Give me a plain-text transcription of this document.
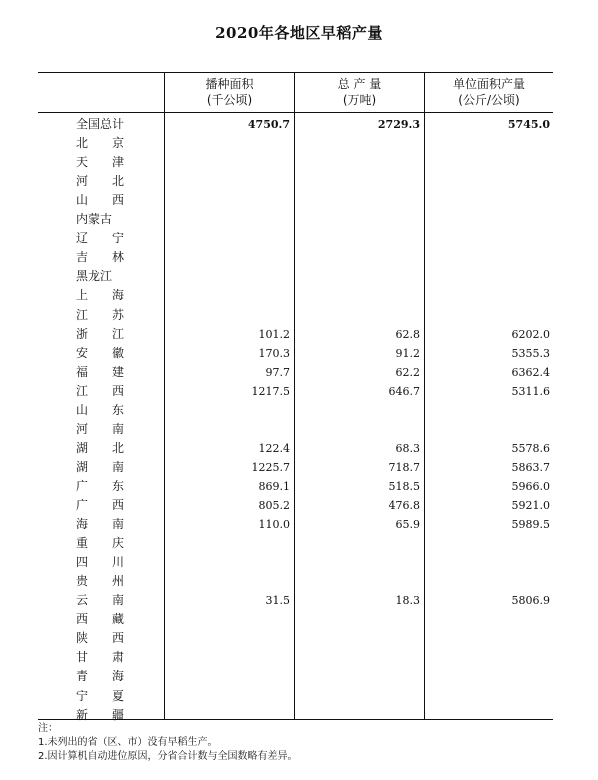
2020年各地区早稻产量
播种面积
(千公顷)
总 产 量
(万吨)
单位面积产量
(公斤/公顷)
全国总计	4750.7	2729.3	5745.0
北　　京
天　　津
河　　北
山　　西
内蒙古
辽　　宁
吉　　林
黑龙江
上　　海
江　　苏
浙　　江	101.2	62.8	6202.0
安　　徽	170.3	91.2	5355.3
福　　建	97.7	62.2	6362.4
江　　西	1217.5	646.7	5311.6
山　　东
河　　南
湖　　北	122.4	68.3	5578.6
湖　　南	1225.7	718.7	5863.7
广　　东	869.1	518.5	5966.0
广　　西	805.2	476.8	5921.0
海　　南	110.0	65.9	5989.5
重　　庆
四　　川
贵　　州
云　　南	31.5	18.3	5806.9
西　　藏
陕　　西
甘　　肃
青　　海
宁　　夏
新　　疆
注：
1.未列出的省（区、市）没有早稻生产。
2.因计算机自动进位原因，分省合计数与全国数略有差异。
